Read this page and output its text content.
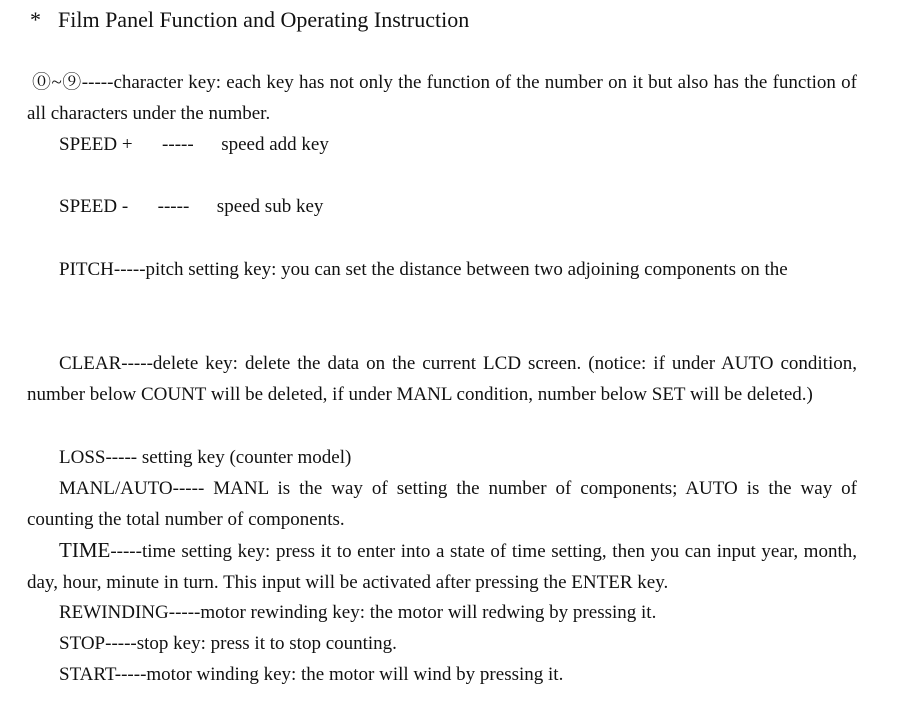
* Film Panel Function and Operating Instruction
⓪~⑨-----character key: each key has not only the function of the number on it but also has the function of all characters under the number.
SPEED + ----- speed add key
SPEED - ----- speed sub key
PITCH-----pitch setting key: you can set the distance between two adjoining components on the
CLEAR-----delete key: delete the data on the current LCD screen. (notice: if under AUTO condition, number below COUNT will be deleted, if under MANL condition, number below SET will be deleted.)
LOSS----- setting key (counter model)
MANL/AUTO----- MANL is the way of setting the number of components; AUTO is the way of counting the total number of components.
TIME-----time setting key: press it to enter into a state of time setting, then you can input year, month, day, hour, minute in turn. This input will be activated after pressing the ENTER key.
REWINDING-----motor rewinding key: the motor will redwing by pressing it.
STOP-----stop key: press it to stop counting.
START-----motor winding key: the motor will wind by pressing it.
